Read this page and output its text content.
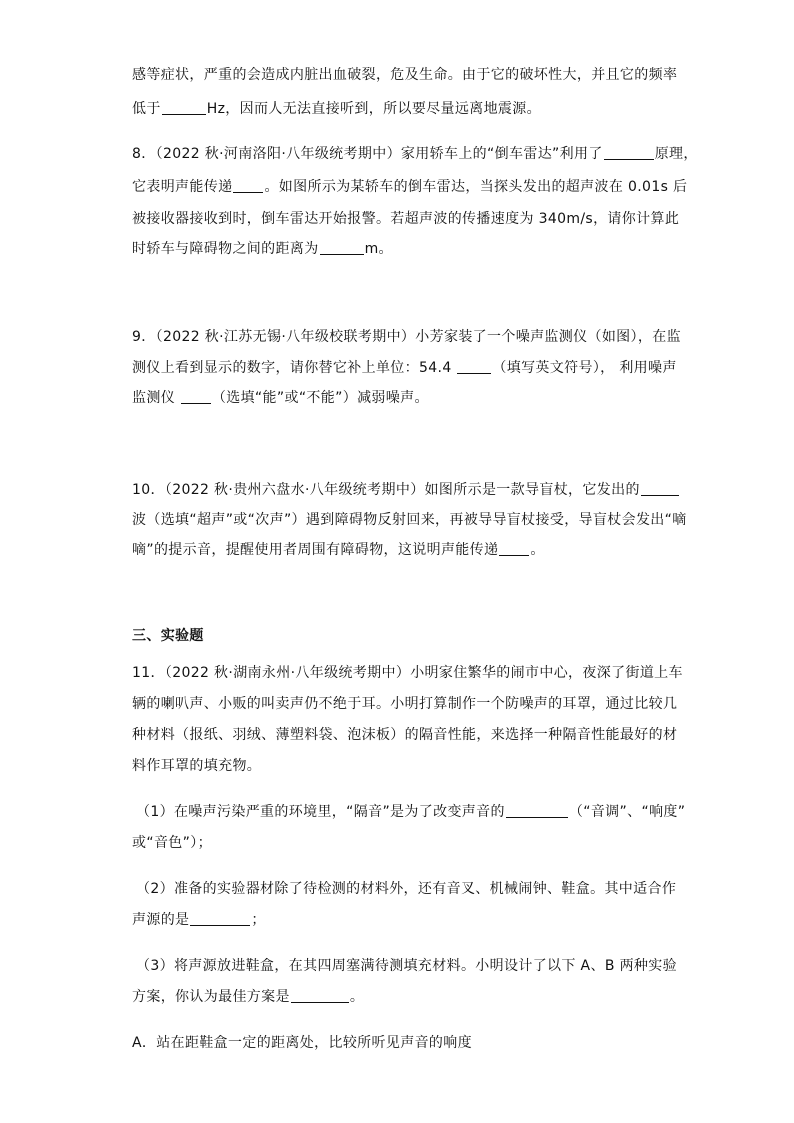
感等症状，严重的会造成内脏出血破裂，危及生命。由于它的破坏性大，并且它的频率
低于	Hz，因而人无法直接听到，所以要尽量远离地震源。
8．（2022 秋·河南洛阳·八年级统考期中）家用轿车上的“倒车雷达”利用了	原理，
它表明声能传递 。如图所示为某轿车的倒车雷达，当探头发出的超声波在 0.01s 后
被接收器接收到时，倒车雷达开始报警。若超声波的传播速度为 340m/s，请你计算此
时轿车与障碍物之间的距离为	m。
9．（2022 秋·江苏无锡·八年级校联考期中）小芳家装了一个噪声监测仪（如图），在监
测仪上看到显示的数字，请你替它补上单位：54.4	（填写英文符号）， 利用噪声
监测仪 （选填“能”或“不能”）减弱噪声。
10．（2022 秋·贵州六盘水·八年级统考期中）如图所示是一款导盲杖，它发出的
波（选填“超声”或“次声”）遇到障碍物反射回来，再被导导盲杖接受，导盲杖会发出“嘀
嘀”的提示音，提醒使用者周围有障碍物，这说明声能传递 。
三、实验题
11．（2022 秋·湖南永州·八年级统考期中）小明家住繁华的闹市中心，夜深了街道上车
辆的喇叭声、小贩的叫卖声仍不绝于耳。小明打算制作一个防噪声的耳罩，通过比较几
种材料（报纸、羽绒、薄塑料袋、泡沫板）的隔音性能，来选择一种隔音性能最好的材
料作耳罩的填充物。
（1）在噪声污染严重的环境里，“隔音”是为了改变声音的	（“音调”、“响度”
或“音色”）；
（2）准备的实验器材除了待检测的材料外，还有音叉、机械闹钟、鞋盒。其中适合作
声源的是	；
（3）将声源放进鞋盒，在其四周塞满待测填充材料。小明设计了以下 A、B 两种实验
方案，你认为最佳方案是	。
A．站在距鞋盒一定的距离处，比较所听见声音的响度
